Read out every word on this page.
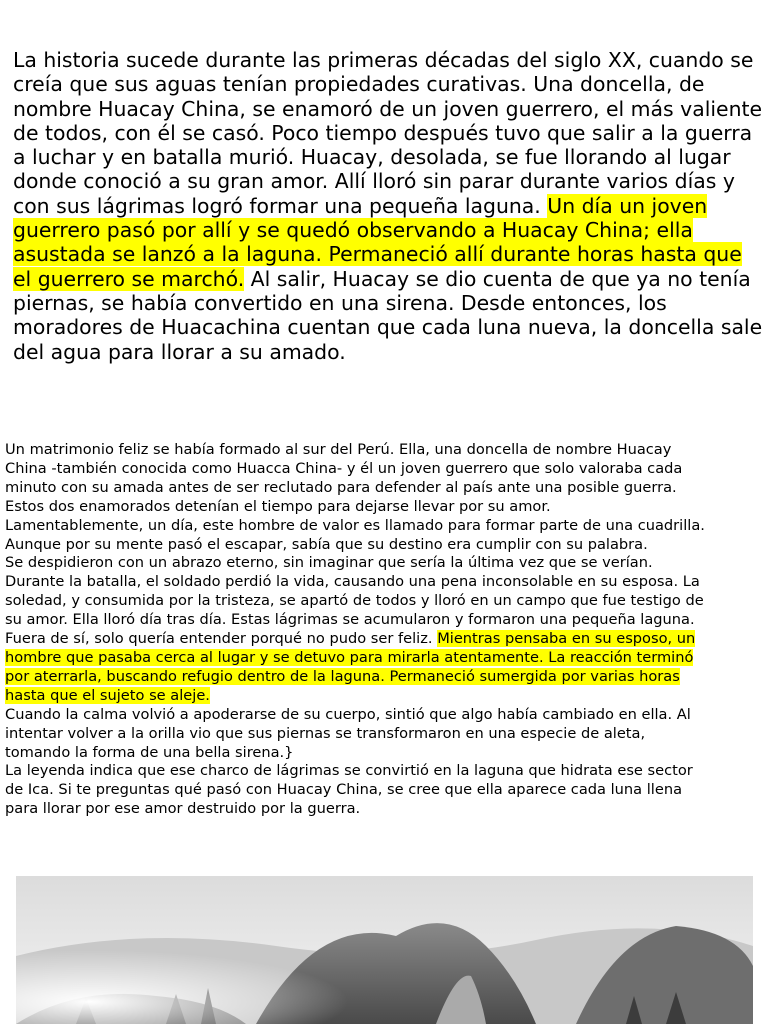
La historia sucede durante las primeras décadas del siglo XX, cuando se creía que sus aguas tenían propiedades curativas. Una doncella, de nombre Huacay China, se enamoró de un joven guerrero, el más valiente de todos, con él se casó. Poco tiempo después tuvo que salir a la guerra a luchar y en batalla murió. Huacay, desolada, se fue llorando al lugar donde conoció a su gran amor. Allí lloró sin parar durante varios días y con sus lágrimas logró formar una pequeña laguna. Un día un joven guerrero pasó por allí y se quedó observando a Huacay China; ella asustada se lanzó a la laguna. Permaneció allí durante horas hasta que el guerrero se marchó. Al salir, Huacay se dio cuenta de que ya no tenía piernas, se había convertido en una sirena. Desde entonces, los moradores de Huacachina cuentan que cada luna nueva, la doncella sale del agua para llorar a su amado.

Un matrimonio feliz se había formado al sur del Perú. Ella, una doncella de nombre Huacay
China -también conocida como Huacca China- y él un joven guerrero que solo valoraba cada
minuto con su amada antes de ser reclutado para defender al país ante una posible guerra.
Estos dos enamorados detenían el tiempo para dejarse llevar por su amor.
Lamentablemente, un día, este hombre de valor es llamado para formar parte de una cuadrilla.
Aunque por su mente pasó el escapar, sabía que su destino era cumplir con su palabra.
Se despidieron con un abrazo eterno, sin imaginar que sería la última vez que se verían.
Durante la batalla, el soldado perdió la vida, causando una pena inconsolable en su esposa. La
soledad, y consumida por la tristeza, se apartó de todos y lloró en un campo que fue testigo de
su amor. Ella lloró día tras día. Estas lágrimas se acumularon y formaron una pequeña laguna.
Fuera de sí, solo quería entender porqué no pudo ser feliz. Mientras pensaba en su esposo, un
hombre que pasaba cerca al lugar y se detuvo para mirarla atentamente. La reacción terminó
por aterrarla, buscando refugio dentro de la laguna. Permaneció sumergida por varias horas
hasta que el sujeto se aleje.
Cuando la calma volvió a apoderarse de su cuerpo, sintió que algo había cambiado en ella. Al
intentar volver a la orilla vio que sus piernas se transformaron en una especie de aleta,
tomando la forma de una bella sirena.}
La leyenda indica que ese charco de lágrimas se convirtió en la laguna que hidrata ese sector
de Ica. Si te preguntas qué pasó con Huacay China, se cree que ella aparece cada luna llena
para llorar por ese amor destruido por la guerra.
